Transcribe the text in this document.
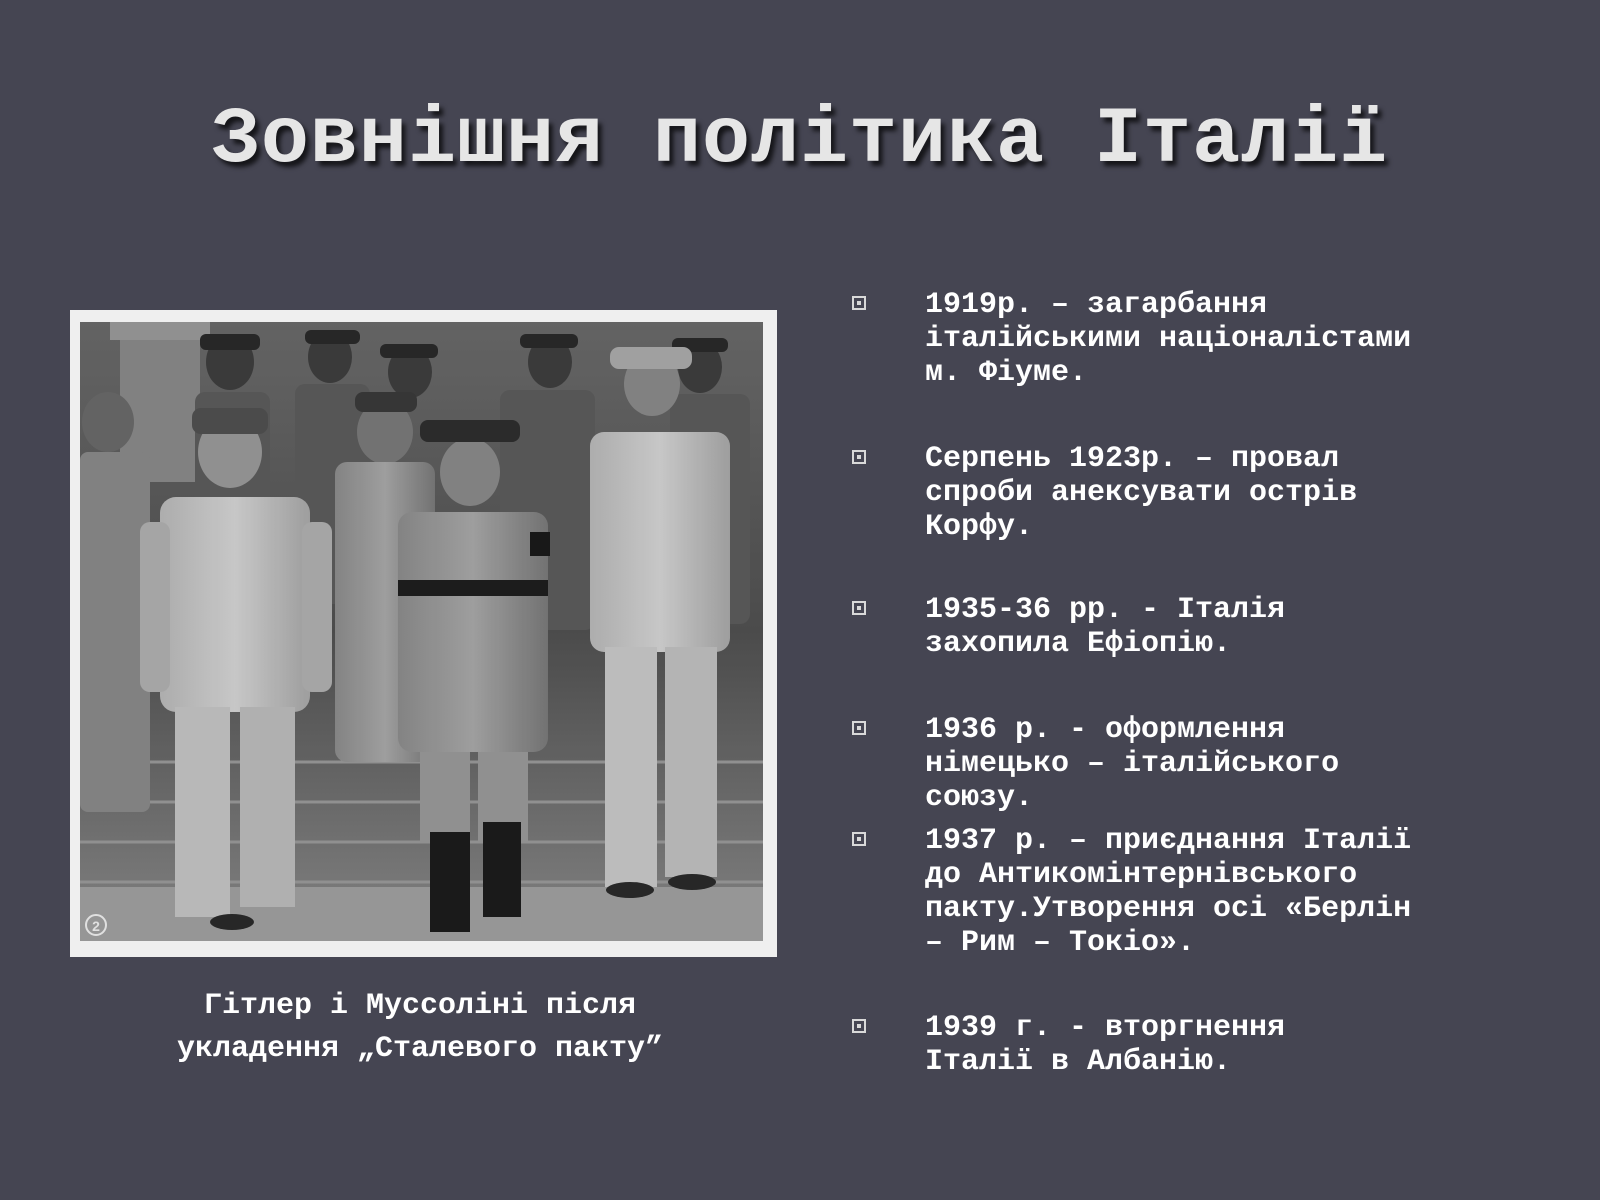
Зовнішня політика Італії
2
Гітлер і Муссоліні після
укладення „Сталевого пакту”
1919р. – загарбання
італійськими націоналістами
м. Фіуме.
Серпень 1923р. – провал
спроби анексувати острів
Корфу.
1935-36 рр. - Італія
захопила Ефіопію.
1936 р. - оформлення
німецько – італійського
союзу.
1937 р. – приєднання Італії
до Антикомінтернівського
пакту.Утворення осі «Берлін
– Рим – Токіо».
1939 г. - вторгнення
Італії в Албанію.
